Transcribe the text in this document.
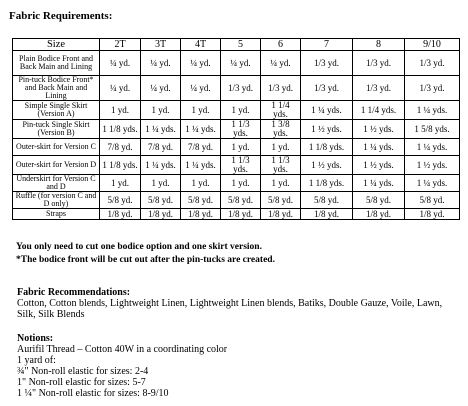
Fabric Requirements:
Size	2T	3T	4T	5	6	7	8	9/10
Plain Bodice Front and Back Main and Lining	¼ yd.	¼ yd.	¼ yd.	¼ yd.	¼ yd.	1/3 yd.	1/3 yd.	1/3 yd.
Pin-tuck Bodice Front* and Back Main and Lining	¼ yd.	¼ yd.	¼ yd.	1/3 yd.	1/3 yd.	1/3 yd.	1/3 yd.	1/3 yd.
Simple Single Skirt (Version A)	1 yd.	1 yd.	1 yd.	1 yd.	1 1/4 yds.	1 ¼ yds.	1 1/4 yds.	1 ¼ yds.
Pin-tuck Single Skirt (Version B)	1 1/8 yds.	1 ¼ yds.	1 ¼ yds.	1 1/3 yds.	1 3/8 yds.	1 ½ yds.	1 ½ yds.	1 5/8 yds.
Outer-skirt for Version C	7/8 yd.	7/8 yd.	7/8 yd.	1 yd.	1 yd.	1 1/8 yds.	1 ¼ yds.	1 ¼ yds.
Outer-skirt for Version D	1 1/8 yds.	1 ¼ yds.	1 ¼ yds.	1 1/3 yds.	1 1/3 yds.	1 ½ yds.	1 ½ yds.	1 ½ yds.
Underskirt for Version C and D	1 yd.	1 yd.	1 yd.	1 yd.	1 yd.	1 1/8 yds.	1 ¼ yds.	1 ¼ yds.
Ruffle (for version C and D only)	5/8 yd.	5/8 yd.	5/8 yd.	5/8 yd.	5/8 yd.	5/8 yd.	5/8 yd.	5/8 yd.
Straps	1/8 yd.	1/8 yd.	1/8 yd.	1/8 yd.	1/8 yd.	1/8 yd.	1/8 yd.	1/8 yd.
You only need to cut one bodice option and one skirt version.
*The bodice front will be cut out after the pin-tucks are created.
Fabric Recommendations:
Cotton, Cotton blends, Lightweight Linen, Lightweight Linen blends, Batiks, Double Gauze, Voile, Lawn, Silk, Silk Blends
Notions:
Aurifil Thread – Cotton 40W in a coordinating color
1 yard of:
¾" Non-roll elastic for sizes: 2-4
1" Non-roll elastic for sizes: 5-7
1 ¼" Non-roll elastic for sizes: 8-9/10
